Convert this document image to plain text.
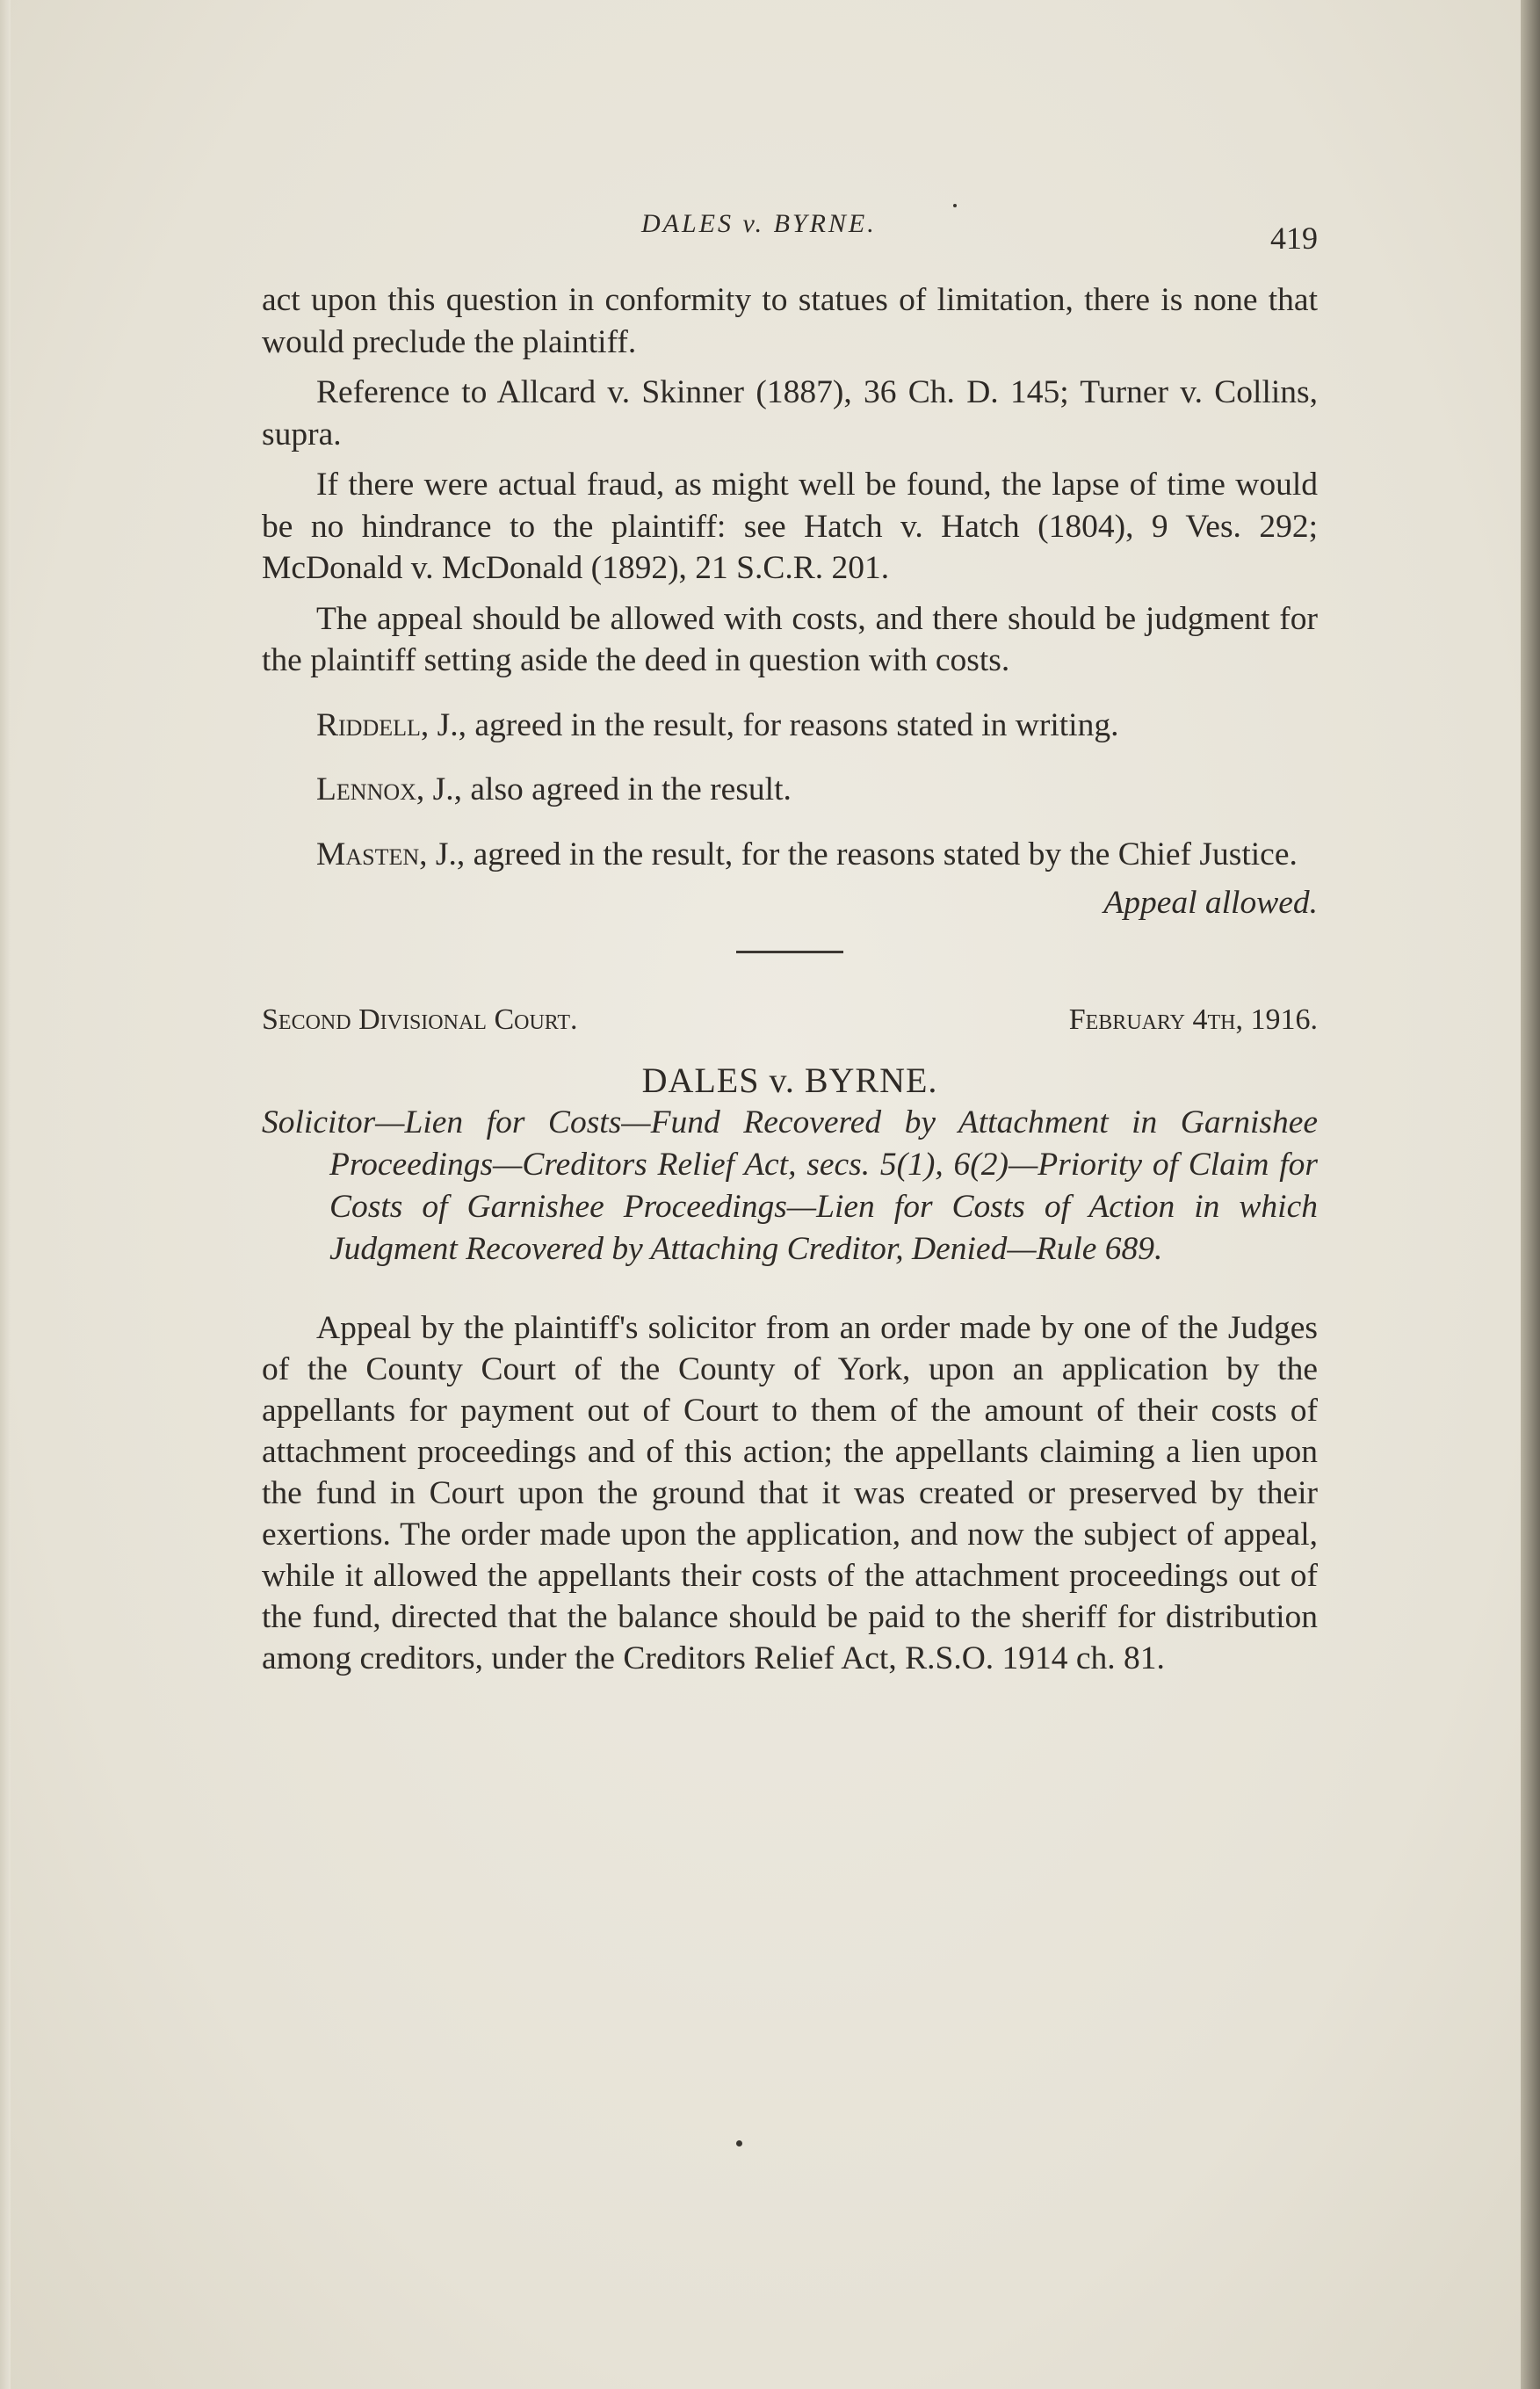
DALES v. BYRNE.	419

act upon this question in conformity to statues of limitation, there is none that would preclude the plaintiff.

Reference to Allcard v. Skinner (1887), 36 Ch. D. 145; Turner v. Collins, supra.

If there were actual fraud, as might well be found, the lapse of time would be no hindrance to the plaintiff: see Hatch v. Hatch (1804), 9 Ves. 292; McDonald v. McDonald (1892), 21 S.C.R. 201.

The appeal should be allowed with costs, and there should be judgment for the plaintiff setting aside the deed in question with costs.

Riddell, J., agreed in the result, for reasons stated in writing.

Lennox, J., also agreed in the result.

Masten, J., agreed in the result, for the reasons stated by the Chief Justice.

Appeal allowed.

Second Divisional Court.	February 4th, 1916.
DALES v. BYRNE.

Solicitor—Lien for Costs—Fund Recovered by Attachment in Garnishee Proceedings—Creditors Relief Act, secs. 5(1), 6(2)—Priority of Claim for Costs of Garnishee Proceedings—Lien for Costs of Action in which Judgment Recovered by Attaching Creditor, Denied—Rule 689.

Appeal by the plaintiff's solicitor from an order made by one of the Judges of the County Court of the County of York, upon an application by the appellants for payment out of Court to them of the amount of their costs of attachment proceedings and of this action; the appellants claiming a lien upon the fund in Court upon the ground that it was created or preserved by their exertions. The order made upon the application, and now the subject of appeal, while it allowed the appellants their costs of the attachment proceedings out of the fund, directed that the balance should be paid to the sheriff for distribution among creditors, under the Creditors Relief Act, R.S.O. 1914 ch. 81.
